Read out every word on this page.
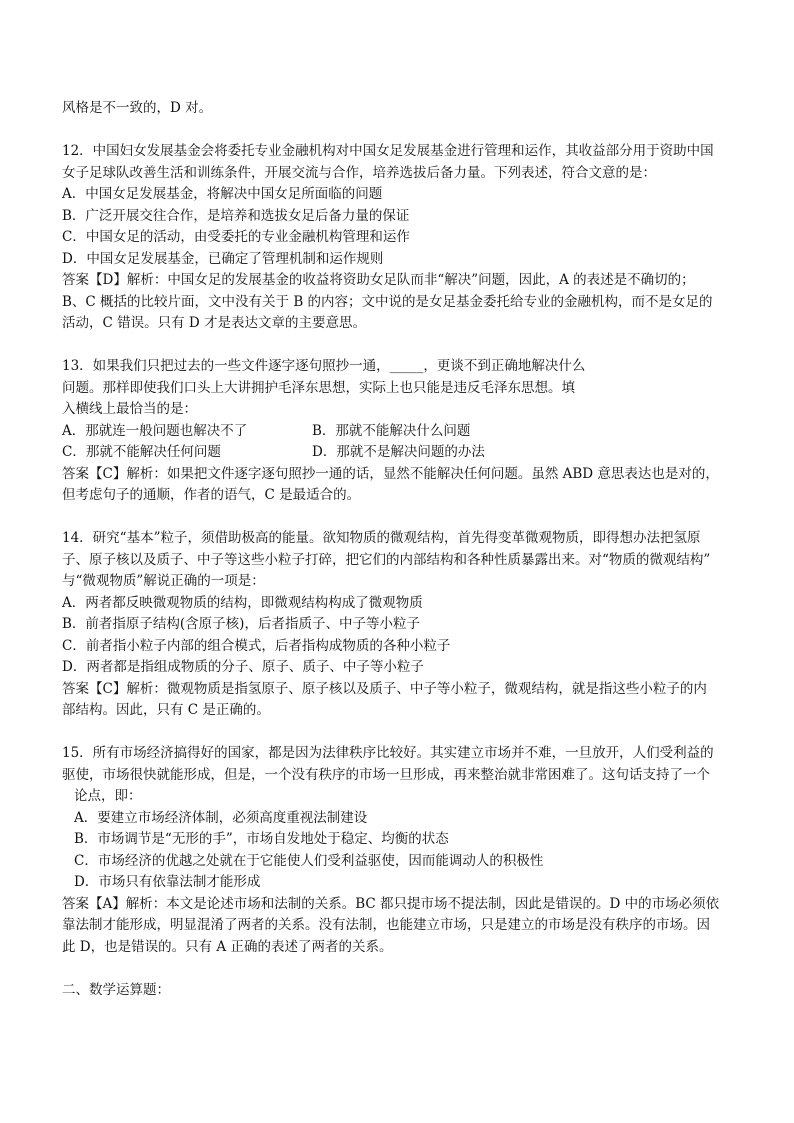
风格是不一致的，D 对。
12．中国妇女发展基金会将委托专业金融机构对中国女足发展基金进行管理和运作，其收益部分用于资助中国
女子足球队改善生活和训练条件，开展交流与合作，培养选拔后备力量。下列表述，符合文意的是：
A．中国女足发展基金，将解决中国女足所面临的问题
B．广泛开展交往合作，是培养和选拔女足后备力量的保证
C．中国女足的活动，由受委托的专业金融机构管理和运作
D．中国女足发展基金，已确定了管理机制和运作规则
答案【D】解析：中国女足的发展基金的收益将资助女足队而非“解决”问题，因此，A 的表述是不确切的；
B、C 概括的比较片面，文中没有关于 B 的内容；文中说的是女足基金委托给专业的金融机构，而不是女足的
活动，C 错误。只有 D 才是表达文章的主要意思。
13．如果我们只把过去的一些文件逐字逐句照抄一通，_____，更谈不到正确地解决什么
问题。那样即使我们口头上大讲拥护毛泽东思想，实际上也只能是违反毛泽东思想。填
入横线上最恰当的是：
A．那就连一般问题也解决不了	B．那就不能解决什么问题
C．那就不能解决任何问题	D．那就不是解决问题的办法
答案【C】解析：如果把文件逐字逐句照抄一通的话，显然不能解决任何问题。虽然 ABD 意思表达也是对的，
但考虑句子的通顺，作者的语气，C 是最适合的。
14．研究“基本”粒子，须借助极高的能量。欲知物质的微观结构，首先得变革微观物质，即得想办法把氢原
子、原子核以及质子、中子等这些小粒子打碎，把它们的内部结构和各种性质暴露出来。对“物质的微观结构”
与“微观物质”解说正确的一项是：
A．两者都反映微观物质的结构，即微观结构构成了微观物质
B．前者指原子结构(含原子核)，后者指质子、中子等小粒子
C．前者指小粒子内部的组合模式，后者指构成物质的各种小粒子
D．两者都是指组成物质的分子、原子、质子、中子等小粒子
答案【C】解析：微观物质是指氢原子、原子核以及质子、中子等小粒子，微观结构，就是指这些小粒子的内
部结构。因此，只有 C 是正确的。
15．所有市场经济搞得好的国家，都是因为法律秩序比较好。其实建立市场并不难，一旦放开，人们受利益的
驱使，市场很快就能形成，但是，一个没有秩序的市场一旦形成，再来整治就非常困难了。这句话支持了一个
论点，即：
A．要建立市场经济体制，必须高度重视法制建设
B．市场调节是“无形的手”，市场自发地处于稳定、均衡的状态
C．市场经济的优越之处就在于它能使人们受利益驱使，因而能调动人的积极性
D．市场只有依靠法制才能形成
答案【A】解析：本文是论述市场和法制的关系。BC 都只提市场不提法制，因此是错误的。D 中的市场必须依
靠法制才能形成，明显混淆了两者的关系。没有法制，也能建立市场，只是建立的市场是没有秩序的市场。因
此 D，也是错误的。只有 A 正确的表述了两者的关系。
二、数学运算题：
